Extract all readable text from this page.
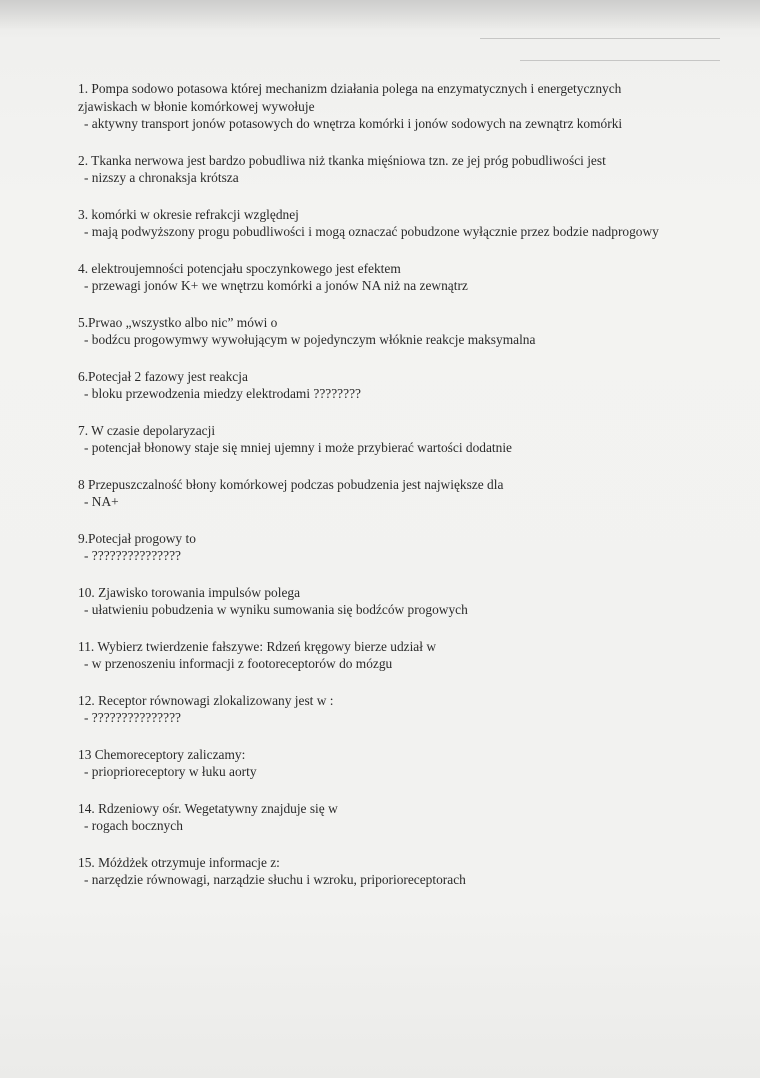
1. Pompa sodowo potasowa której mechanizm działania polega na enzymatycznych i energetycznych zjawiskach w błonie komórkowej wywołuje

- aktywny transport jonów potasowych do wnętrza komórki i jonów sodowych na zewnątrz komórki

2. Tkanka nerwowa jest bardzo pobudliwa niż tkanka mięśniowa tzn. ze jej próg pobudliwości jest

- nizszy a chronaksja krótsza

3. komórki w okresie refrakcji względnej

- mają podwyższony progu pobudliwości i mogą oznaczać pobudzone wyłącznie przez bodzie nadprogowy

4. elektroujemności potencjału spoczynkowego jest efektem

- przewagi jonów K+ we wnętrzu komórki a jonów NA niż na zewnątrz

5.Prwao „wszystko albo nic” mówi o

- bodźcu progowymwy wywołującym w pojedynczym włóknie reakcje maksymalna

6.Potecjał 2 fazowy jest reakcja

- bloku przewodzenia miedzy elektrodami ????????

7. W czasie depolaryzacji

- potencjał błonowy staje się mniej ujemny i może przybierać wartości dodatnie

8 Przepuszczalność błony komórkowej podczas pobudzenia jest największe dla

- NA+

9.Potecjał progowy to

- ???????????????

10. Zjawisko torowania impulsów polega

- ułatwieniu pobudzenia w wyniku sumowania się bodźców progowych

11. Wybierz twierdzenie fałszywe: Rdzeń kręgowy bierze udział w

- w przenoszeniu informacji z footoreceptorów do mózgu

12. Receptor równowagi zlokalizowany jest w :

- ???????????????

13 Chemoreceptory zaliczamy:

- prioprioreceptory w łuku aorty

14. Rdzeniowy ośr. Wegetatywny znajduje się w

- rogach bocznych

15. Móżdżek otrzymuje informacje z:

- narzędzie równowagi, narządzie słuchu i wzroku, priporioreceptorach
